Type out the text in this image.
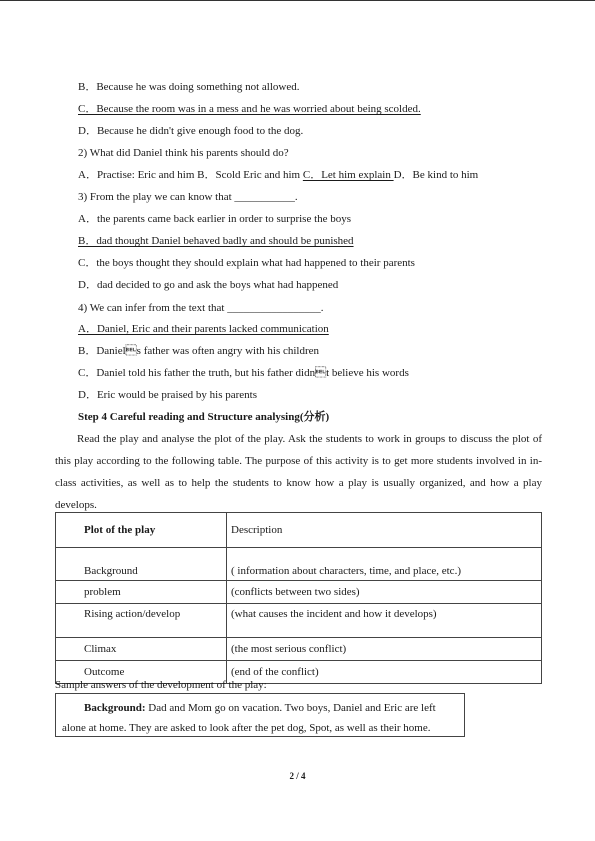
B．Because he was doing something not allowed.
C．Because the room was in a mess and he was worried about being scolded.
D．Because he didn't give enough food to the dog.
2) What did Daniel think his parents should do?
A．Practise: Eric and him B．Scold Eric and him C．Let him explain D．Be kind to him
3) From the play we can know that ___________.
A．the parents came back earlier in order to surprise the boys
B．dad thought Daniel behaved badly and should be punished
C．the boys thought they should explain what had happened to their parents
D．dad decided to go and ask the boys what had happened
4) We can infer from the text that _________________.
A．Daniel, Eric and their parents lacked communication
B．Daniels father was often angry with his children
C．Daniel told his father the truth, but his father didnt believe his words
D．Eric would be praised by his parents
Step 4 Careful reading and Structure analysing(分析)
Read the play and analyse the plot of the play. Ask the students to work in groups to discuss the plot of this play according to the following table. The purpose of this activity is to get more students involved in in-class activities, as well as to help the students to know how a play is usually organized, and how a play develops.
Plot of the play	Description
Background	( information about characters, time, and place, etc.)
problem	(conflicts between two sides)
Rising action/develop	(what causes the incident and how it develops)
Climax	(the most serious conflict)
Outcome	(end of the conflict)
Sample answers of the development of the play:
Background: Dad and Mom go on vacation. Two boys, Daniel and Eric are left alone at home. They are asked to look after the pet dog, Spot, as well as their home.
2 / 4
